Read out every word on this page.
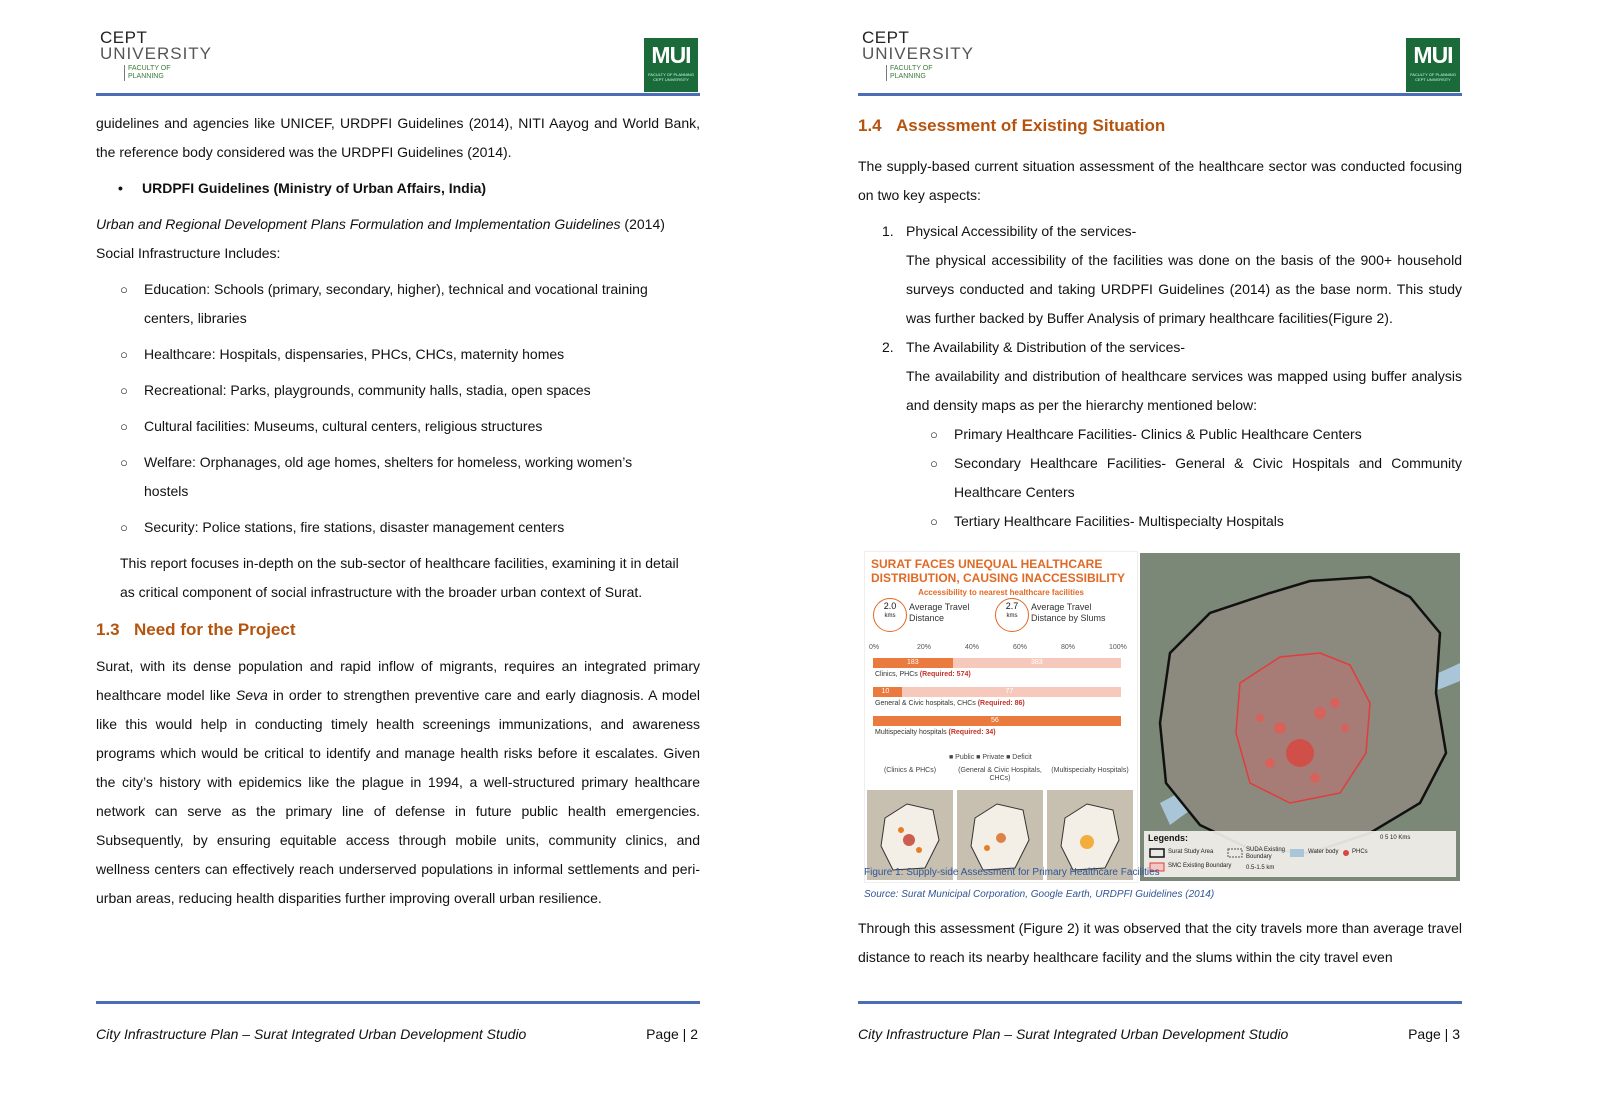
CEPT
UNIVERSITY
FACULTY OF PLANNING
MUI
FACULTY OF PLANNING CEPT UNIVERSITY

guidelines and agencies like UNICEF, URDPFI Guidelines (2014), NITI Aayog and World Bank, the reference body considered was the URDPFI Guidelines (2014).

• URDPFI Guidelines (Ministry of Urban Affairs, India)

Urban and Regional Development Plans Formulation and Implementation Guidelines (2014)

Social Infrastructure Includes:

○ Education: Schools (primary, secondary, higher), technical and vocational training centers, libraries
○ Healthcare: Hospitals, dispensaries, PHCs, CHCs, maternity homes
○ Recreational: Parks, playgrounds, community halls, stadia, open spaces
○ Cultural facilities: Museums, cultural centers, religious structures
○ Welfare: Orphanages, old age homes, shelters for homeless, working women’s hostels
○ Security: Police stations, fire stations, disaster management centers

This report focuses in-depth on the sub-sector of healthcare facilities, examining it in detail as critical component of social infrastructure with the broader urban context of Surat.

1.3 Need for the Project

Surat, with its dense population and rapid inflow of migrants, requires an integrated primary healthcare model like Seva in order to strengthen preventive care and early diagnosis. A model like this would help in conducting timely health screenings immunizations, and awareness programs which would be critical to identify and manage health risks before it escalates. Given the city’s history with epidemics like the plague in 1994, a well-structured primary healthcare network can serve as the primary line of defense in future public health emergencies. Subsequently, by ensuring equitable access through mobile units, community clinics, and wellness centers can effectively reach underserved populations in informal settlements and peri-urban areas, reducing health disparities further improving overall urban resilience.

City Infrastructure Plan – Surat Integrated Urban Development Studio	Page | 2
CEPT
UNIVERSITY
FACULTY OF PLANNING
MUI
FACULTY OF PLANNING CEPT UNIVERSITY
1.4 Assessment of Existing Situation

The supply-based current situation assessment of the healthcare sector was conducted focusing on two key aspects:

1. Physical Accessibility of the services-

The physical accessibility of the facilities was done on the basis of the 900+ household surveys conducted and taking URDPFI Guidelines (2014) as the base norm. This study was further backed by Buffer Analysis of primary healthcare facilities(Figure 2).

2. The Availability & Distribution of the services-

The availability and distribution of healthcare services was mapped using buffer analysis and density maps as per the hierarchy mentioned below:

○ Primary Healthcare Facilities- Clinics & Public Healthcare Centers
○ Secondary Healthcare Facilities- General & Civic Hospitals and Community Healthcare Centers
○ Tertiary Healthcare Facilities- Multispecialty Hospitals
SURAT FACES UNEQUAL HEALTHCARE DISTRIBUTION, CAUSING INACCESSIBILITY
Accessibility to nearest healthcare facilities
2.0
kms
Average Travel Distance
2.7
kms
Average Travel Distance by Slums
0%	20%	40%	60%	80%	100%
183	383
Clinics, PHCs (Required: 574)
10	77
General & Civic hospitals, CHCs (Required: 86)
56
Multispecialty hospitals (Required: 34)
■ Public ■ Private ■ Deficit
(Clinics & PHCs)	(General & Civic Hospitals, CHCs)
(Multispecialty Hospitals)
Legends:
Surat Study Area	SUDA Existing Boundary
Water body PHCs
SMC Existing Boundary 0.5-1.5 km
0 5 10 Kms
Figure 1: Supply-side Assessment for Primary Healthcare Facilities
Source: Surat Municipal Corporation, Google Earth, URDPFI Guidelines (2014)

Through this assessment (Figure 2) it was observed that the city travels more than average travel distance to reach its nearby healthcare facility and the slums within the city travel even

City Infrastructure Plan – Surat Integrated Urban Development Studio	Page | 3
